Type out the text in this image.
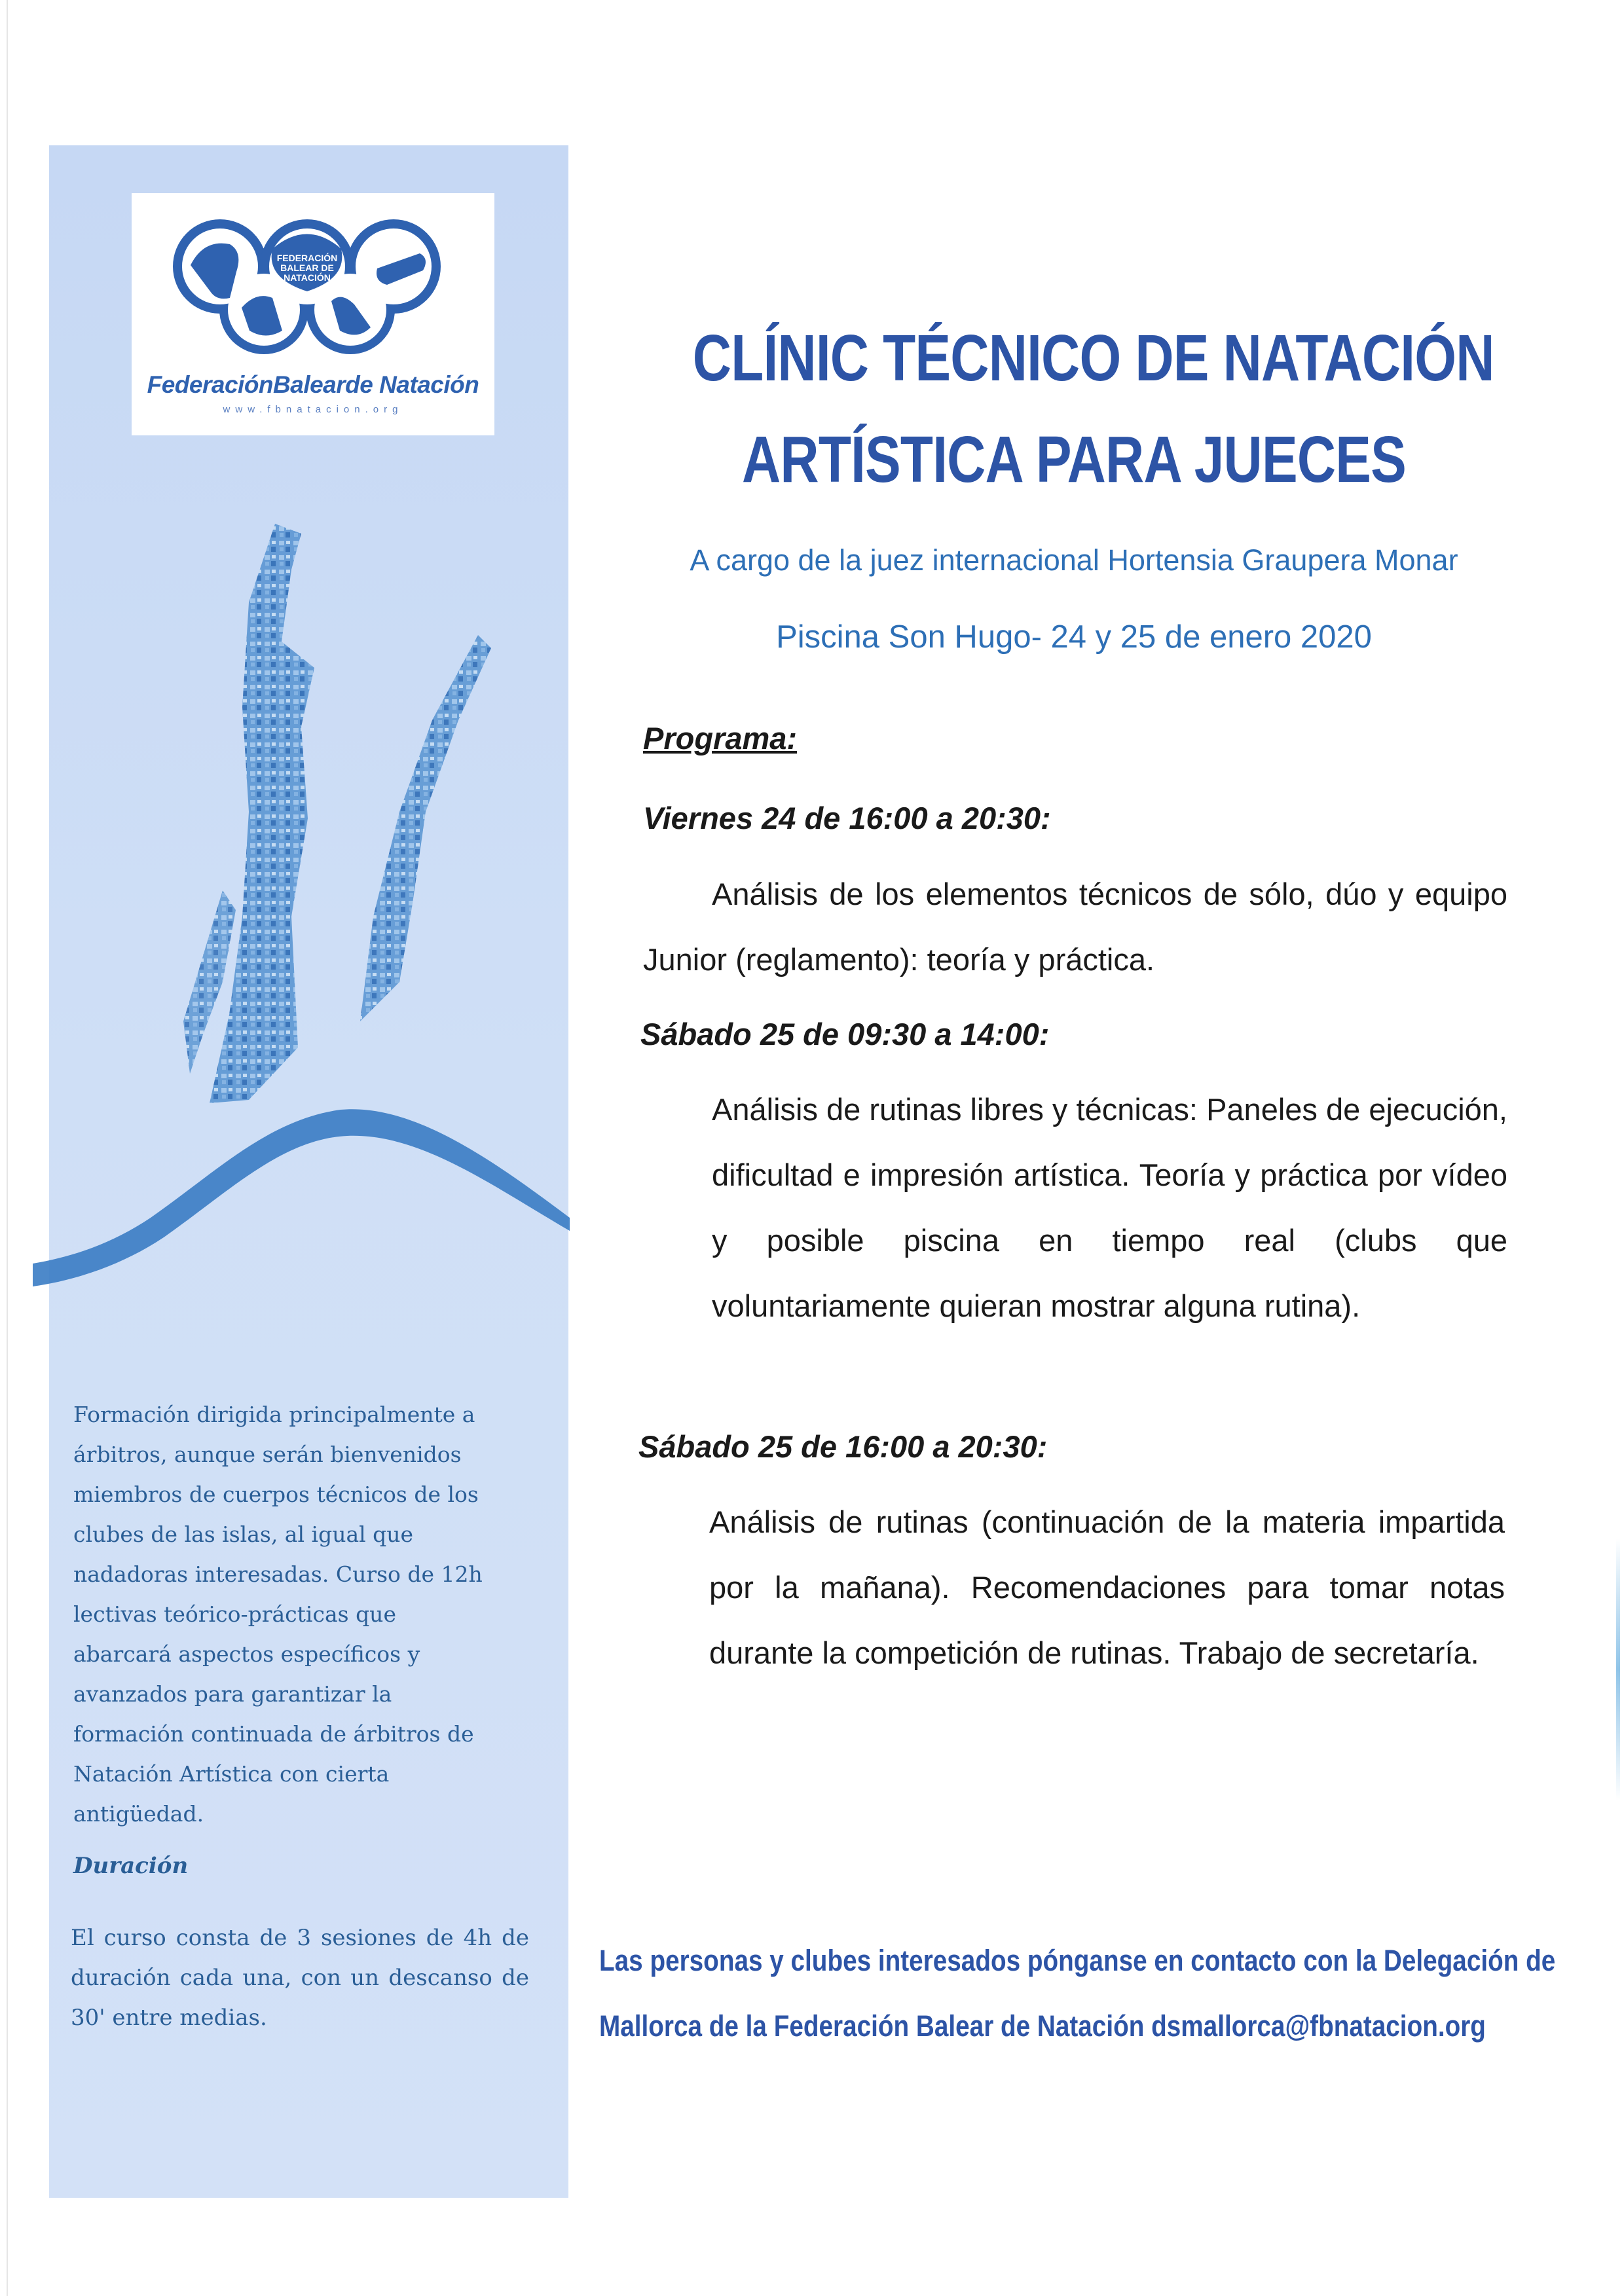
FEDERACIÓN
BALEAR DE
NATACIÓN
FederaciónBalearde Natación
www.fbnatacion.org
CLÍNIC TÉCNICO DE NATACIÓN
ARTÍSTICA PARA JUECES
A cargo de la juez internacional Hortensia Graupera Monar
Piscina Son Hugo- 24 y 25 de enero 2020
Programa:
Viernes 24 de 16:00 a 20:30:
Análisis de los elementos técnicos de sólo, dúo y equipo Junior (reglamento): teoría y práctica.
Sábado 25 de 09:30 a 14:00:
Análisis de rutinas libres y técnicas: Paneles de ejecución, dificultad e impresión artística. Teoría y práctica por vídeo y posible piscina en tiempo real (clubs que voluntariamente quieran mostrar alguna rutina).
Sábado 25 de 16:00 a 20:30:
Análisis de rutinas (continuación de la materia impartida por la mañana). Recomendaciones para tomar notas durante la competición de rutinas. Trabajo de secretaría.

Formación dirigida principalmente a

árbitros, aunque serán bienvenidos

miembros de cuerpos técnicos de los

clubes de las islas, al igual que

nadadoras interesadas. Curso de 12h

lectivas teórico-prácticas que

abarcará aspectos específicos y

avanzados para garantizar la

formación continuada de árbitros de

Natación Artística con cierta

antigüedad.

Duración
El curso consta de 3 sesiones de 4h de duración cada una, con un descanso de 30' entre medias.
Las personas y clubes interesados pónganse en contacto con la Delegación de
Mallorca de la Federación Balear de Natación dsmallorca@fbnatacion.org
